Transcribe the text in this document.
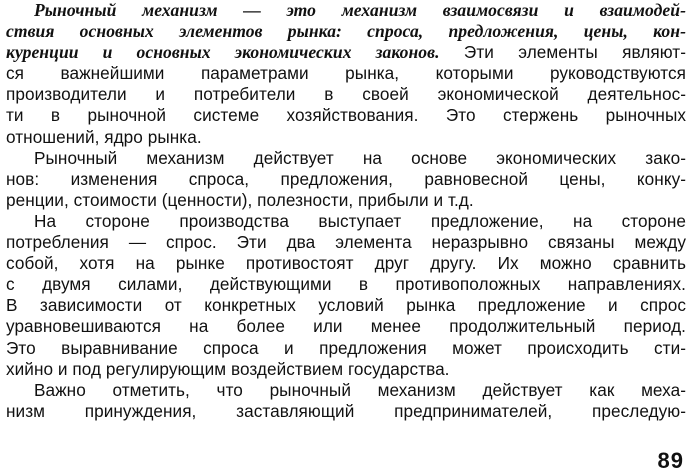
Рыночный механизм — это механизм взаимосвязи и взаимодей-
ствия основных элементов рынка: спроса, предложения, цены, кон-
куренции и основных экономических законов. Эти элементы являют-
ся важнейшими параметрами рынка, которыми руководствуются
производители и потребители в своей экономической деятельнос-
ти в рыночной системе хозяйствования. Это стержень рыночных
отношений, ядро рынка.
Рыночный механизм действует на основе экономических зако-
нов: изменения спроса, предложения, равновесной цены, конку-
ренции, стоимости (ценности), полезности, прибыли и т.д.
На стороне производства выступает предложение, на стороне
потребления — спрос. Эти два элемента неразрывно связаны между
собой, хотя на рынке противостоят друг другу. Их можно сравнить
с двумя силами, действующими в противоположных направлениях.
В зависимости от конкретных условий рынка предложение и спрос
уравновешиваются на более или менее продолжительный период.
Это выравнивание спроса и предложения может происходить сти-
хийно и под регулирующим воздействием государства.
Важно отметить, что рыночный механизм действует как меха-
низм принуждения, заставляющий предпринимателей, преследую-
89
